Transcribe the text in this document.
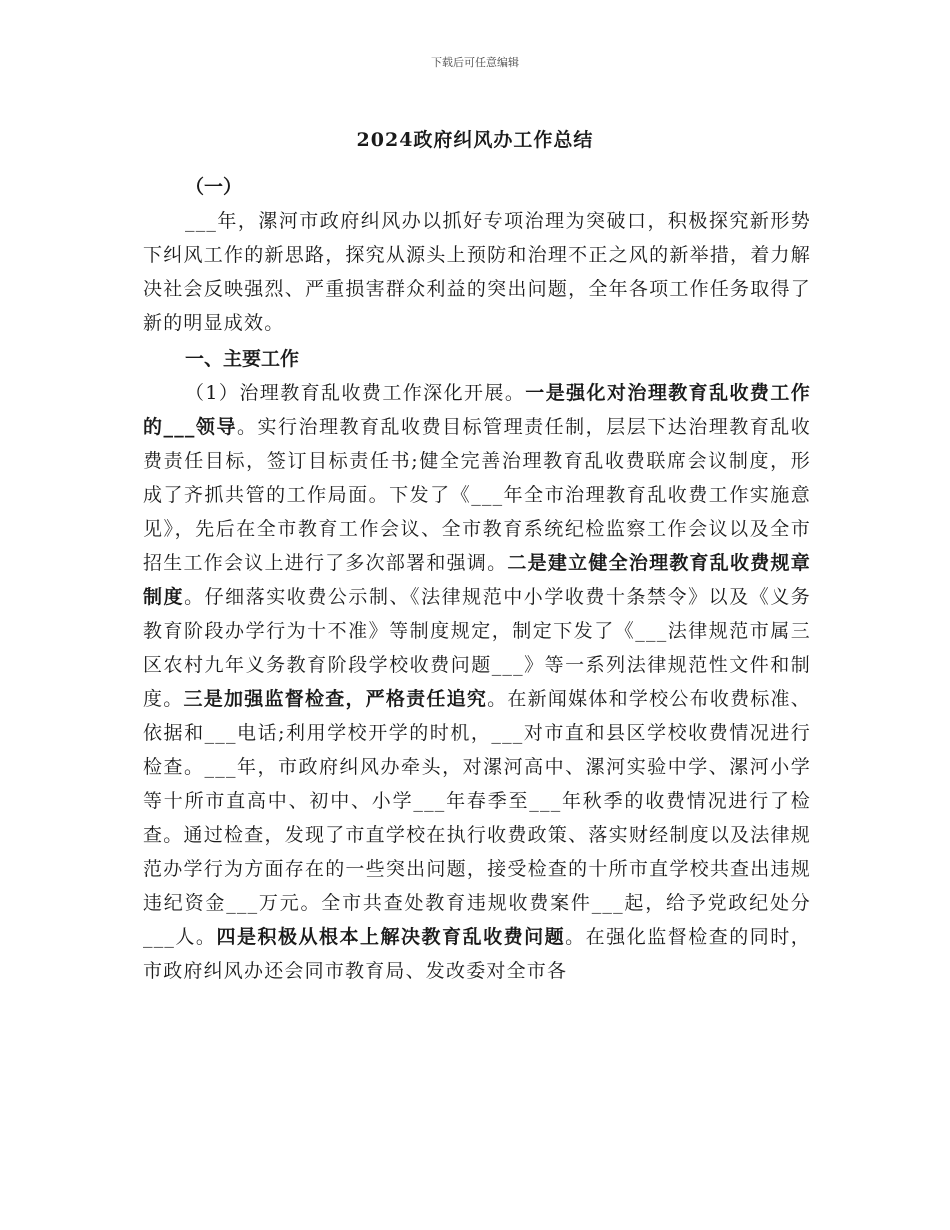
下载后可任意编辑
2024政府纠风办工作总结
（一）

___年，漯河市政府纠风办以抓好专项治理为突破口，积极探究新形势下纠风工作的新思路，探究从源头上预防和治理不正之风的新举措，着力解决社会反映强烈、严重损害群众利益的突出问题，全年各项工作任务取得了新的明显成效。

一、主要工作

（1）治理教育乱收费工作深化开展。一是强化对治理教育乱收费工作的___领导。实行治理教育乱收费目标管理责任制，层层下达治理教育乱收费责任目标，签订目标责任书;健全完善治理教育乱收费联席会议制度，形成了齐抓共管的工作局面。下发了《___年全市治理教育乱收费工作实施意见》，先后在全市教育工作会议、全市教育系统纪检监察工作会议以及全市招生工作会议上进行了多次部署和强调。二是建立健全治理教育乱收费规章制度。仔细落实收费公示制、《法律规范中小学收费十条禁令》以及《义务教育阶段办学行为十不准》等制度规定，制定下发了《___法律规范市属三区农村九年义务教育阶段学校收费问题___》等一系列法律规范性文件和制度。三是加强监督检查，严格责任追究。在新闻媒体和学校公布收费标准、依据和___电话;利用学校开学的时机，___对市直和县区学校收费情况进行检查。___年，市政府纠风办牵头，对漯河高中、漯河实验中学、漯河小学等十所市直高中、初中、小学___年春季至___年秋季的收费情况进行了检查。通过检查，发现了市直学校在执行收费政策、落实财经制度以及法律规范办学行为方面存在的一些突出问题，接受检查的十所市直学校共查出违规违纪资金___万元。全市共查处教育违规收费案件___起，给予党政纪处分___人。四是积极从根本上解决教育乱收费问题。在强化监督检查的同时，市政府纠风办还会同市教育局、发改委对全市各
